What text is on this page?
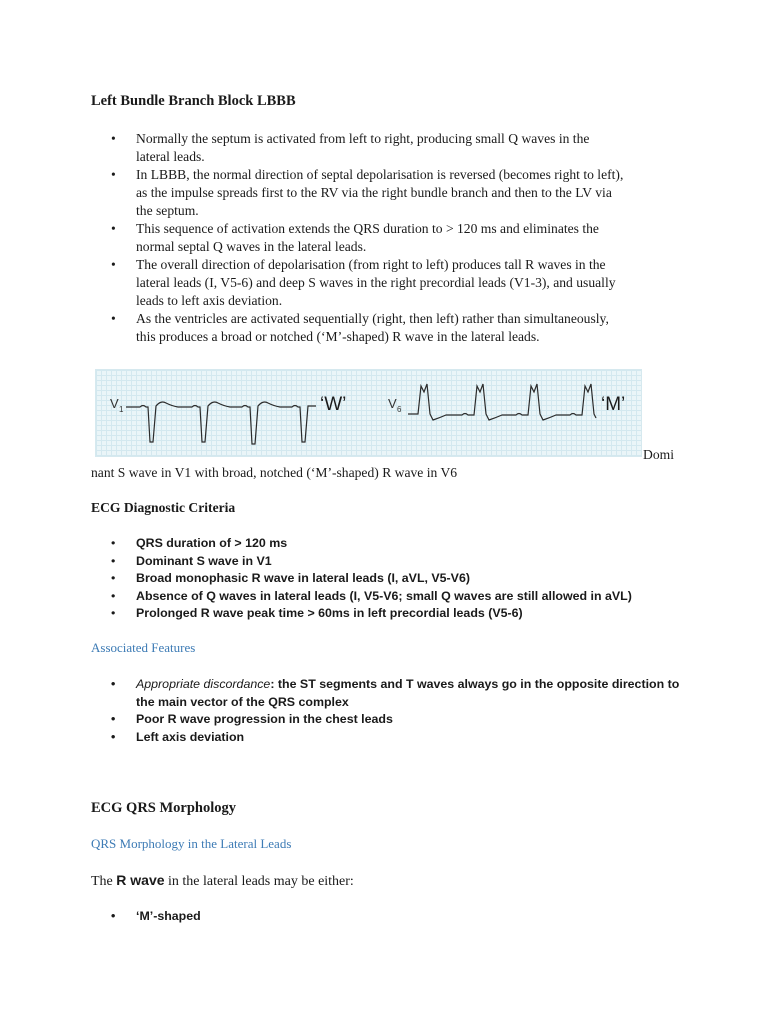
Left Bundle Branch Block LBBB
• Normally the septum is activated from left to right, producing small Q waves in the
lateral leads.
• In LBBB, the normal direction of septal depolarisation is reversed (becomes right to left),
as the impulse spreads first to the RV via the right bundle branch and then to the LV via
the septum.
• This sequence of activation extends the QRS duration to > 120 ms and eliminates the
normal septal Q waves in the lateral leads.
• The overall direction of depolarisation (from right to left) produces tall R waves in the
lateral leads (I, V5-6) and deep S waves in the right precordial leads (V1-3), and usually
leads to left axis deviation.
• As the ventricles are activated sequentially (right, then left) rather than simultaneously,
this produces a broad or notched (‘M’-shaped) R wave in the lateral leads.
V 1	‘W’	V 6	‘M’
Domi
nant S wave in V1 with broad, notched (‘M’-shaped) R wave in V6
ECG Diagnostic Criteria
• QRS duration of > 120 ms
• Dominant S wave in V1
• Broad monophasic R wave in lateral leads (I, aVL, V5-V6)
• Absence of Q waves in lateral leads (I, V5-V6; small Q waves are still allowed in aVL)
• Prolonged R wave peak time > 60ms in left precordial leads (V5-6)
Associated Features
• Appropriate discordance: the ST segments and T waves always go in the opposite direction to
the main vector of the QRS complex
• Poor R wave progression in the chest leads
• Left axis deviation
ECG QRS Morphology
QRS Morphology in the Lateral Leads
The R wave in the lateral leads may be either:
• ‘M’-shaped
